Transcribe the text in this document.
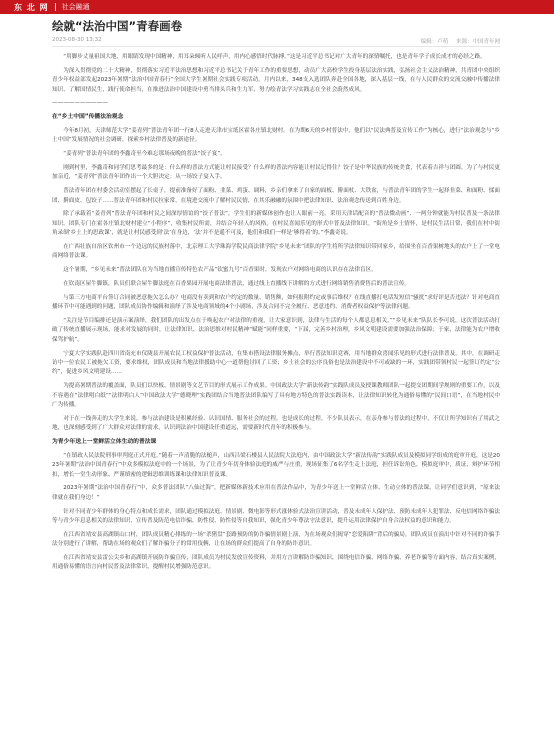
东 北 网 社会融通
绘就“法治中国”青春画卷
2023-08-30 13:32	编辑：卢萌 来源：中国青年网

“用脚步丈量祖国大地，用眼睛发现中国精神，用耳朵倾听人民呼声，用内心感悟时代脉搏。”这是习近平总书记对广大青年的深情嘱托，也是青年学子成长成才的必经之路。

为深入贯彻党的二十大精神，贯彻落实习近平法治思想和习近平总书记关于青年工作的重要思想，动员广大高校学生投身基层法治实践，弘扬社会主义法治精神，共青团中央组织青少年权益部发起2023年暑期“法治中国青春行”全国大学生暑期社会实践专项活动。月内以来，348支入选团队奔赴全国各地，深入基层一线，在与人民群众的交流交融中传播法律知识、了解国情民生，践行使命担当，在推进法治中国建设中勇当排头兵和生力军，努力绘青法学习实践志在全社会蔚然成风。

——————————

在“乡土中国”传播法治观念

今年8月初，天津师范大学“姜青列”普法青年团一行8人走进天津市宝坻区霍各庄镇北财村。在为期6天的乡村普法中，他们以“民法典普及宣传工作”为核心，进行“法治观念与“乡土中国”发展情况的社会调研，探索乡村法律普及的新途径。

“姜青列”普法青年团的李鑫奇至今难忘那场夜晚的普法“饺子宴”。

刚到村里，李鑫奇和同学们思考最多的是：什么样的普法方式能让村民接受？什么样的普法内容能让村民记得住？饺子是中华民族的传统美食，代表着吉祥与团圆。为了与村民更加亲近，“姜青列”普法青年团作出一个大胆决定：从一场饺子宴入手。

普法青年团在村委会活动室摆起了长桌子，提前准备好了面粉、韭菜、鸡蛋、调料，乡亲们拿来了自家的面板、擀面杖、大铁盆，与普法青年团的学生一起择韭菜、和面粉、揉面团、擀面皮、包饺子……普法青年团和村民拉家常，在境进交流中了解村民民情，在其乐融融的氛围中把法律知识、法治观念传送到百姓身边。

除了承载着“姜青列”普法青年团和村民之间深厚情谊的“饺子普法”，学生们的新媒体创作也让人眼前一亮。采用天津话配音的“普法微动画”、一两分钟就能为村民普及一条法律知识。团队专门在霍各庄镇北财村建立“小程序”，收集村民所需，并结合年轻人的风格，在村民喜闻乐见的形式中普及法律知识。“街角是乡土情怀，是村民生活日常，我们在村中街角录制‘乡土上的思政课’，就是让村民感受到‘法’在身边，‘法’并不是遥不可及，他们和我们一样是‘够得着’的。”李鑫奇说。

在广西壮族自治区钦州市一个边远的民族村落中，北京理工大学珠海学院民商法律学院“乡见未来”团队的学生将所学法律知识带回家乡，给围坐在百香果树地头的农户上了一堂电商网络普法课。

这个暑期，“乡见未来”普法团队在为当地直播宣传特色农产品“钦蜜九号”百香果时，发现农户对网络电商的认识存在法律盲区。

在钦南区屋牛脚镇，队员们联合屋牛脚法庭在百香果园开展电商法律普法，通过线上直播线下讲解的方式进行网络销售消费售后的普法宣传。

与第三方电商平台签订合同被恶意拖欠怎么办？电商没有卖到和农户约定的数量、销售额，如何报附约定或事后维权？在线直播打电话发短信“骚扰”求好评是否违法？针对电商直播环节中可能遇到的问题，团队成员协作编辑和演绎了涉及电商领域的4个小剧场，涉及合同不完全履行、恶意违约、消费者权益保护等法律问题。

“关注是节目编排还是演示案演绎，我们团队的出发点在于唤起农户对法律的重视，让大家意识到，法律与生活的每个人都息息相关。”“乡见未来”队队长李可说，这次普法活动打破了传统直播展示现场，能求对发展的同时，让法律知识、法治思维对村民精神“赋能”同样重要，“下届，完善乡村治理，乡风文明建设需要加强法治保障；于家，法律能为农户增收保驾护航”。

宁夏大学实践队赴四川省南充市仪陇县开展农民工权益保护普法活动，在集市搭设法律服务摊点，举行普法知识竞赛，用当地群众喜闻乐见的形式进行法律普及。其中，在调研走访中一位农民工被拖欠工资，要求维权，团队成员和当地法律援助中心一道帮他讨回了工资；乡土社会的公序良俗也是法治建设中不可或缺的一环，实践团带领村民一起签订约定“公约”，促进乡风文明建设……

为提高暑期普法的覆盖面，队员们以快板、情景剧等文艺节目的形式展示工作成果。中国政法大学“新法传韵”实践队成员及授课教师团队一起提交团期间学规则的重要工作，以及不容遇在“法律明白纸”“法律明白人”中国政法大学“德晓理”实践团结合当地普法团队编写了具有地方特色的普法实践读本，让法律知识转化为通俗易懂的“民间口语”，在当地村民中广为传播。

对于在一线奔走的大学生来说，参与法治建设是积累经验、认识国情、服务社会的过程，也是成长的过程。不少队员表示，在亲身参与普法的过程中，不仅让所学知识有了用武之地，也深刻感受到了广大群众对法律的需求，认识到法治中国建设任重道远，需要新时代青年的积极参与。

为青少年送上一堂鲜活立体生动的普法课

“在镇政人民法院刑事审判庭正式开庭。”随着一声清脆的法槌声，山西吕梁石楼县人民法院大法庭内，由中国政法大学“新法传韵”实践队成员及模拟同学组成的庭审开庭，这是2023年暑期“法治中国青春行”中众多模拟法庭中的一个场景，为了让青少年切身体验法庭的威严与庄重，现场征集了6名学生走上法庭，担任诉讼角色，模拟庭审中，质证、辩护环节相扣，增长一堂生动形象、严谨缜密的逻辑思维训练课和法律知识普及课。

2023年暑期“法治中国青春行”中，众多普法团队“八仙过海”，把新媒体新技术应用在普法作品中，为青少年送上一堂鲜活立体、生动立体的普法课，让同学们意识到，“原来法律就在我们身边！”

针对不同青少年群体的身心特点和成长需求，团队通过模拟法庭、情景剧、微电影等形式涨体验式法治宣讲活动，普及未成年人保护法、预防未成年人犯罪法、反电信网络诈骗法等与青少年息息相关的法律知识，宣传普及防范电信诈骗、防性侵、防性侵等自我知识，强化青少年尊法守法意识，提升运用法律保护自身合法权益的意识和能力。

在江西省靖安县高湖镇山口村，团队成员精心排练的一场“杀猪盘”套路预防的防诈骗情景剧上演，为在场观众们揭穿“恋爱陷阱”背后的骗局。团队成员在演出中针对不同的诈骗手法分别进行了讲解，帮助在场的观众们了解诈骗分子的常用伎俩，让在场的群众们提高了自身的防诈意识。

在江西省靖安县雷公尖乡和高湖镇开展防诈骗宣传，团队成员为村民发放宣传资料，并用方言讲解防诈骗知识，围绕电信诈骗、网络诈骗、养老诈骗等方面内容，结合真实案例，用通俗易懂的语言向村民普及法律常识，提醒村民增强防范意识。
